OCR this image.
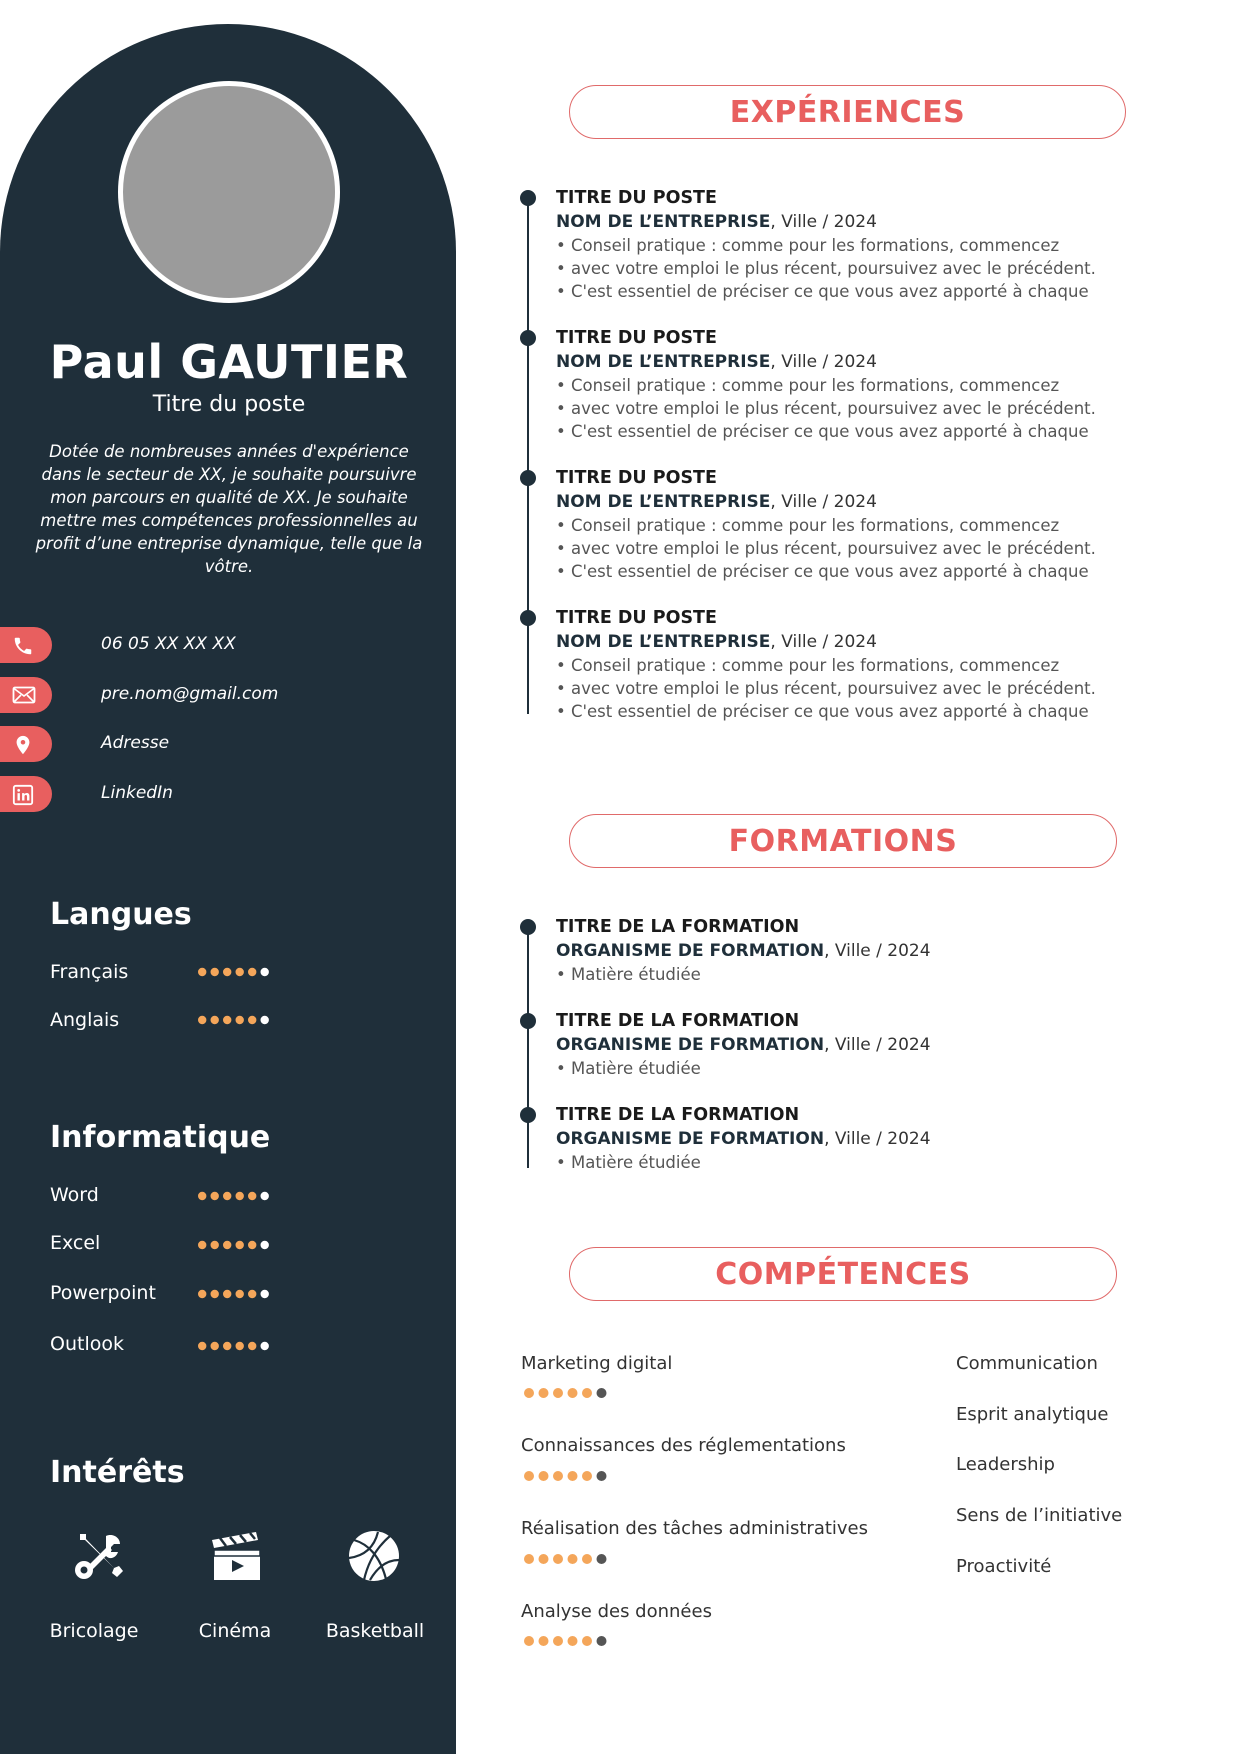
Paul GAUTIER
Titre du poste
Dotée de nombreuses années d'expérience dans le secteur de XX, je souhaite poursuivre mon parcours en qualité de XX. Je souhaite mettre mes compétences professionnelles au profit d’une entreprise dynamique, telle que la vôtre.
06 05 XX XX XX
pre.nom@gmail.com
Adresse
LinkedIn
Langues
Français
Anglais
Informatique
Word
Excel
Powerpoint
Outlook
Intérêts
Bricolage	Cinéma	Basketball
EXPÉRIENCES
TITRE DU POSTE
NOM DE L’ENTREPRISE, Ville / 2024
• Conseil pratique : comme pour les formations, commencez
• avec votre emploi le plus récent, poursuivez avec le précédent.
• C'est essentiel de préciser ce que vous avez apporté à chaque
TITRE DU POSTE
NOM DE L’ENTREPRISE, Ville / 2024
• Conseil pratique : comme pour les formations, commencez
• avec votre emploi le plus récent, poursuivez avec le précédent.
• C'est essentiel de préciser ce que vous avez apporté à chaque
TITRE DU POSTE
NOM DE L’ENTREPRISE, Ville / 2024
• Conseil pratique : comme pour les formations, commencez
• avec votre emploi le plus récent, poursuivez avec le précédent.
• C'est essentiel de préciser ce que vous avez apporté à chaque
TITRE DU POSTE
NOM DE L’ENTREPRISE, Ville / 2024
• Conseil pratique : comme pour les formations, commencez
• avec votre emploi le plus récent, poursuivez avec le précédent.
• C'est essentiel de préciser ce que vous avez apporté à chaque
FORMATIONS
TITRE DE LA FORMATION
ORGANISME DE FORMATION, Ville / 2024
• Matière étudiée
TITRE DE LA FORMATION
ORGANISME DE FORMATION, Ville / 2024
• Matière étudiée
TITRE DE LA FORMATION
ORGANISME DE FORMATION, Ville / 2024
• Matière étudiée
COMPÉTENCES
Marketing digital
Connaissances des réglementations
Réalisation des tâches administratives
Analyse des données
Communication
Esprit analytique
Leadership
Sens de l’initiative
Proactivité
